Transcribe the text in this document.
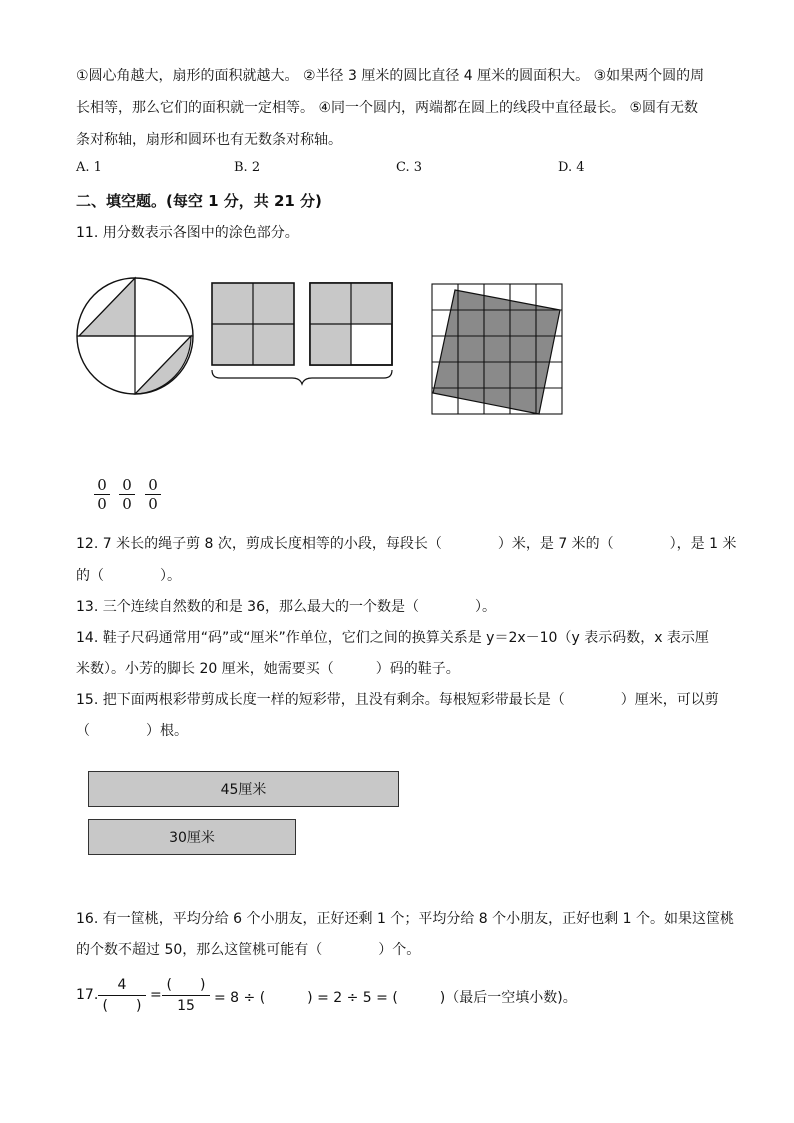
①圆心角越大，扇形的面积就越大。 ②半径 3 厘米的圆比直径 4 厘米的圆面积大。 ③如果两个圆的周
长相等，那么它们的面积就一定相等。 ④同一个圆内，两端都在圆上的线段中直径最长。 ⑤圆有无数
条对称轴，扇形和圆环也有无数条对称轴。
A. 1	B. 2	C. 3	D. 4
二、填空题。(每空 1 分，共 21 分)
11. 用分数表示各图中的涂色部分。
$\frac{0}{0} \frac{0}{0} \frac{0}{0}$
12. 7 米长的绳子剪 8 次，剪成长度相等的小段，每段长（　　　　）米，是 7 米的（　　　　），是 1 米
的（　　　　）。
13. 三个连续自然数的和是 36，那么最大的一个数是（　　　　）。
14. 鞋子尺码通常用“码”或“厘米”作单位，它们之间的换算关系是 y＝2x－10（y 表示码数，x 表示厘
米数）。小芳的脚长 20 厘米，她需要买（　　　）码的鞋子。
15. 把下面两根彩带剪成长度一样的短彩带，且没有剩余。每根短彩带最长是（　　　　）厘米，可以剪
（　　　　）根。
45厘米
30厘米
16. 有一筐桃，平均分给 6 个小朋友，正好还剩 1 个；平均分给 8 个小朋友，正好也剩 1 个。如果这筐桃
的个数不超过 50，那么这筐桃可能有（　　　　）个。
17.
4
(　　)
=
(　　)
15	= 8 ÷ (　　　) = 2 ÷ 5 = (　　　)（最后一空填小数)。
